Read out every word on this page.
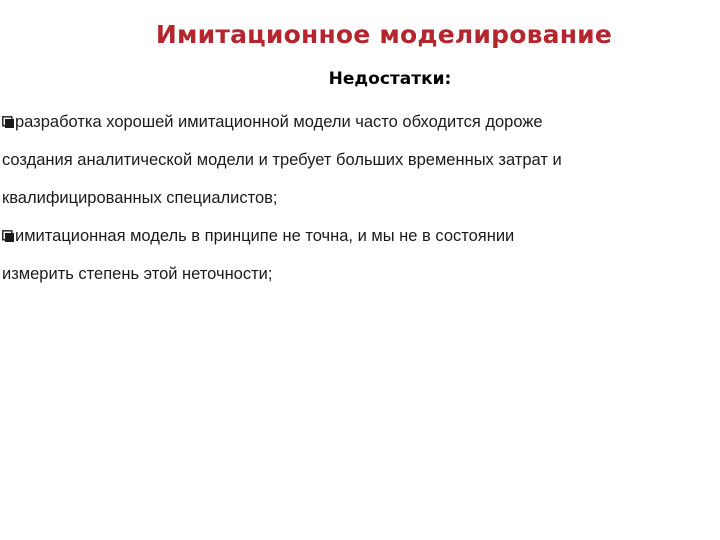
Имитационное моделирование
Недостатки:
разработка хорошей имитационной модели часто обходится дороже
создания аналитической модели и требует больших временных затрат и
квалифицированных специалистов;
имитационная модель в принципе не точна, и мы не в состоянии
измерить степень этой неточности;
